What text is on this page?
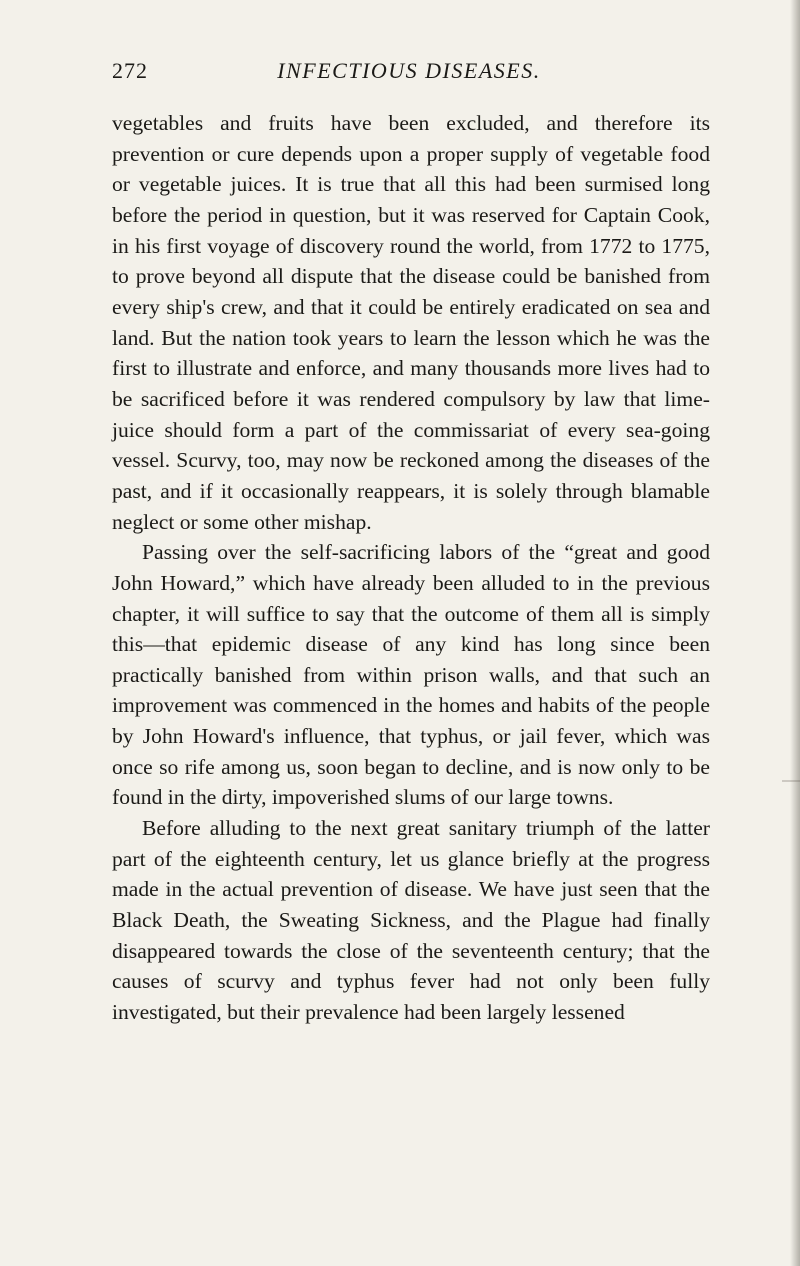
272	INFECTIOUS DISEASES.

vegetables and fruits have been excluded, and therefore its prevention or cure depends upon a proper supply of vegetable food or vegetable juices. It is true that all this had been surmised long before the period in question, but it was reserved for Captain Cook, in his first voyage of discovery round the world, from 1772 to 1775, to prove beyond all dispute that the disease could be banished from every ship's crew, and that it could be entirely eradicated on sea and land. But the nation took years to learn the lesson which he was the first to illustrate and enforce, and many thousands more lives had to be sacrificed before it was rendered compulsory by law that lime-juice should form a part of the commissariat of every sea-going vessel. Scurvy, too, may now be reckoned among the diseases of the past, and if it occasionally reappears, it is solely through blamable neglect or some other mishap.

Passing over the self-sacrificing labors of the “great and good John Howard,” which have already been alluded to in the previous chapter, it will suffice to say that the outcome of them all is simply this—that epidemic disease of any kind has long since been practically banished from within prison walls, and that such an improvement was commenced in the homes and habits of the people by John Howard's influence, that typhus, or jail fever, which was once so rife among us, soon began to decline, and is now only to be found in the dirty, impoverished slums of our large towns.

Before alluding to the next great sanitary triumph of the latter part of the eighteenth century, let us glance briefly at the progress made in the actual prevention of disease. We have just seen that the Black Death, the Sweating Sickness, and the Plague had finally disappeared towards the close of the seventeenth century; that the causes of scurvy and typhus fever had not only been fully investigated, but their prevalence had been largely lessened
